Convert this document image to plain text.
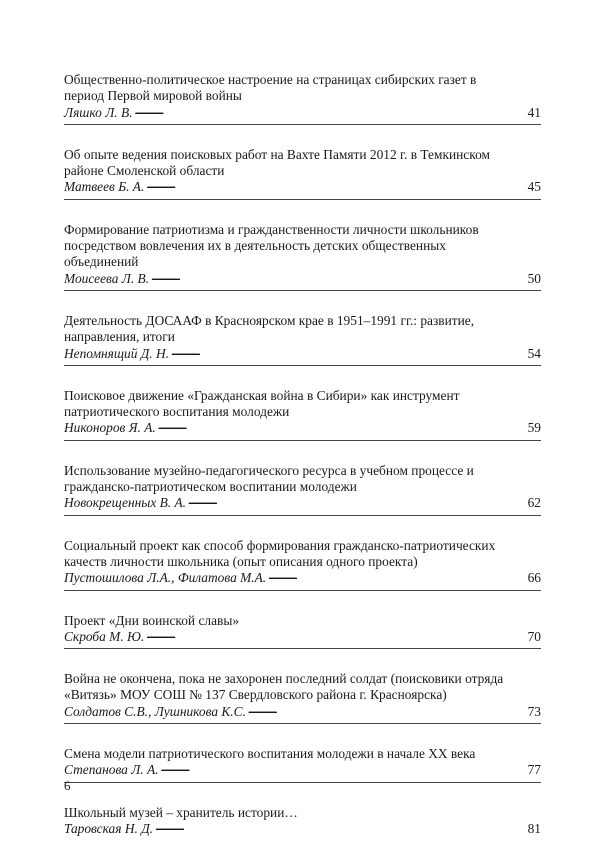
Общественно-политическое настроение на страницах сибирских газет в период Первой мировой войны
Ляшко Л. В. . . .	41
Об опыте ведения поисковых работ на Вахте Памяти 2012 г. в Темкинском районе Смоленской области
Матвеев Б. А. . . .	45
Формирование патриотизма и гражданственности личности школьников посредством вовлечения их в деятельность детских общественных объединений
Моисеева Л. В. . . .	50
Деятельность ДОСААФ в Красноярском крае в 1951–1991 гг.: развитие, направления, итоги
Непомнящий Д. Н. . . .	54
Поисковое движение «Гражданская война в Сибири» как инструмент патриотического воспитания молодежи
Никоноров Я. А. . . .	59
Использование музейно-педагогического ресурса в учебном процессе и гражданско-патриотическом воспитании молодежи
Новокрещенных В. А. . . .	62
Социальный проект как способ формирования гражданско-патриотических качеств личности школьника (опыт описания одного проекта)
Пустошилова Л.А., Филатова М.А. . . .	66
Проект «Дни воинской славы»
Скроба М. Ю. . . .	70
Война не окончена, пока не захоронен последний солдат (поисковики отряда «Витязь» МОУ СОШ № 137 Свердловского района г. Красноярска)
Солдатов С.В., Лушникова К.С. . . .	73
Смена модели патриотического воспитания молодежи в начале XX века
Степанова Л. А. . . .	77
Школьный музей – хранитель истории…
Таровская Н. Д. . . .	81
6
